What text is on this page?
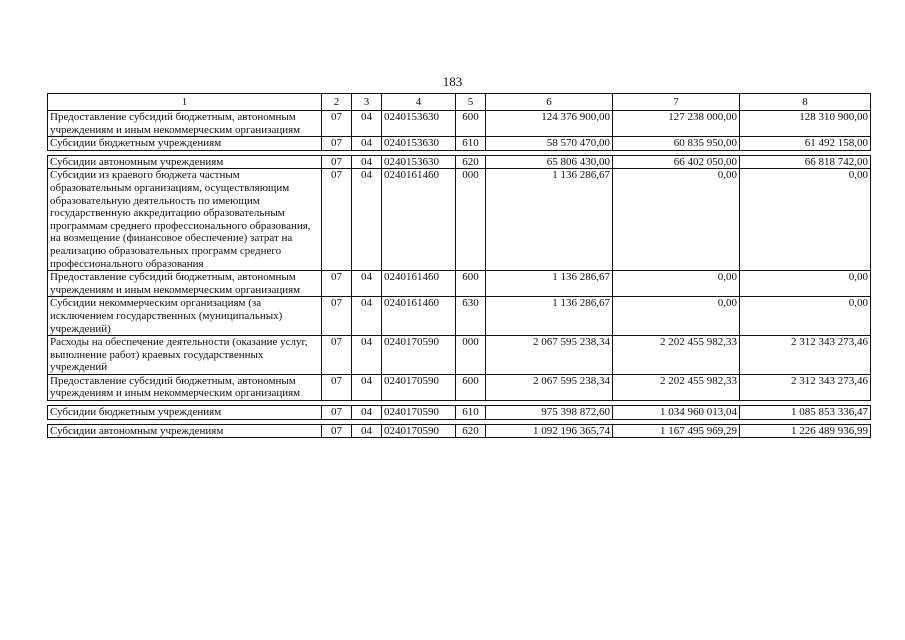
183
1	2	3	4	5	6	7	8
Предоставление субсидий бюджетным, автономным учреждениям и иным некоммерческим организациям	07	04	0240153630	600	124 376 900,00	127 238 000,00	128 310 900,00
Субсидии бюджетным учреждениям	07	04	0240153630	610	58 570 470,00	60 835 950,00	61 492 158,00

Субсидии автономным учреждениям	07	04	0240153630	620	65 806 430,00	66 402 050,00	66 818 742,00
Субсидии из краевого бюджета частным образовательным организациям, осуществляющим образовательную деятельность по имеющим государственную аккредитацию образовательным программам среднего профессионального образования, на возмещение (финансовое обеспечение) затрат на реализацию образовательных программ среднего профессионального образования	07	04	0240161460	000	1 136 286,67	0,00	0,00
Предоставление субсидий бюджетным, автономным учреждениям и иным некоммерческим организациям	07	04	0240161460	600	1 136 286,67	0,00	0,00
Субсидии некоммерческим организациям (за исключением государственных (муниципальных) учреждений)	07	04	0240161460	630	1 136 286,67	0,00	0,00
Расходы на обеспечение деятельности (оказание услуг, выполнение работ) краевых государственных учреждений	07	04	0240170590	000	2 067 595 238,34	2 202 455 982,33	2 312 343 273,46
Предоставление субсидий бюджетным, автономным учреждениям и иным некоммерческим организациям	07	04	0240170590	600	2 067 595 238,34	2 202 455 982,33	2 312 343 273,46

Субсидии бюджетным учреждениям	07	04	0240170590	610	975 398 872,60	1 034 960 013,04	1 085 853 336,47

Субсидии автономным учреждениям	07	04	0240170590	620	1 092 196 365,74	1 167 495 969,29	1 226 489 936,99
